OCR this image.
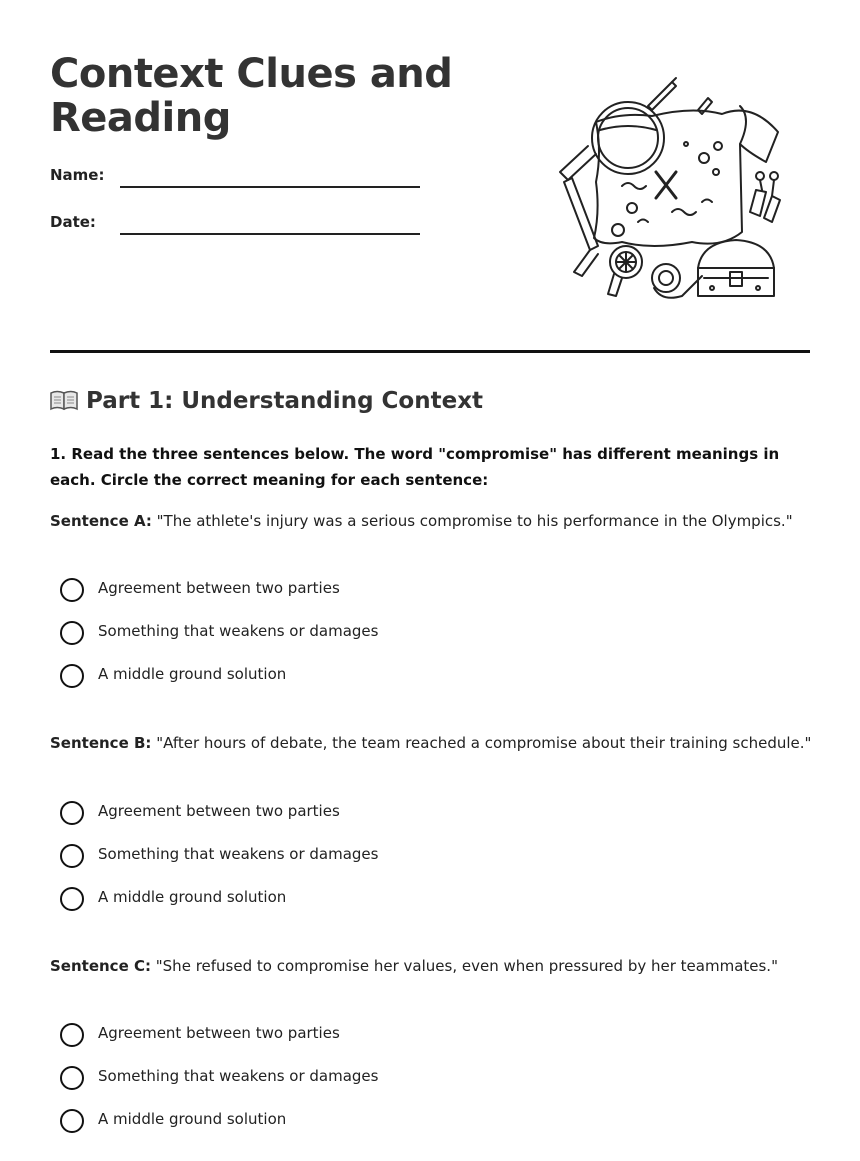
Context Clues and Reading
Name:
Date:
Part 1: Understanding Context

1. Read the three sentences below. The word "compromise" has different meanings in each. Circle the correct meaning for each sentence:

Sentence A: "The athlete's injury was a serious compromise to his performance in the Olympics."

Agreement between two parties
Something that weakens or damages
A middle ground solution

Sentence B: "After hours of debate, the team reached a compromise about their training schedule."

Agreement between two parties
Something that weakens or damages
A middle ground solution

Sentence C: "She refused to compromise her values, even when pressured by her teammates."

Agreement between two parties
Something that weakens or damages
A middle ground solution
